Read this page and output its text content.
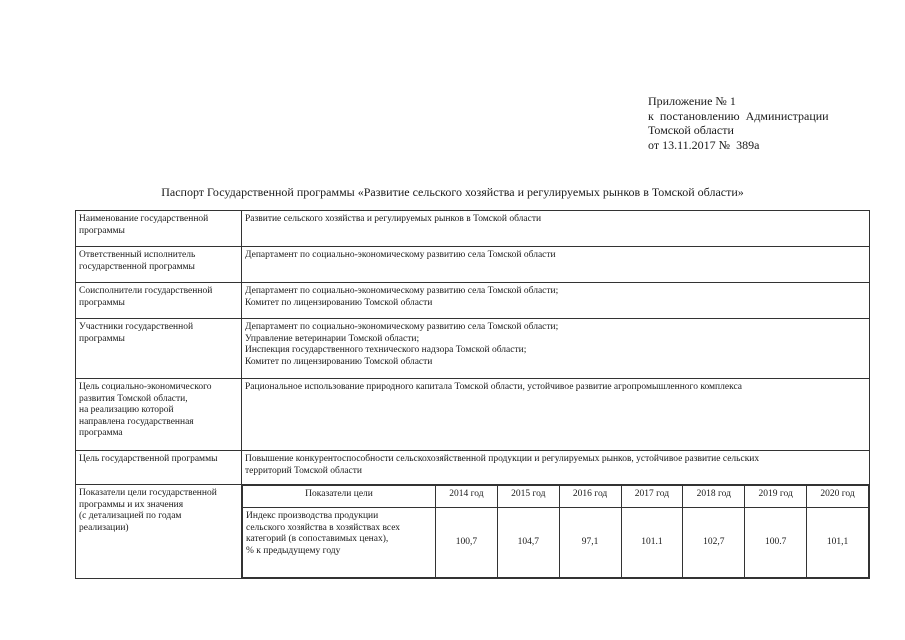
Приложение № 1
к  постановлению  Администрации
Томской области
от 13.11.2017 №  389а
Паспорт Государственной программы «Развитие сельского хозяйства и регулируемых рынков в Томской области»
Наименование государственной
программы	Развитие сельского хозяйства и регулируемых рынков в Томской области
Ответственный исполнитель
государственной программы	Департамент по социально-экономическому развитию села Томской области
Соисполнители государственной
программы	Департамент по социально-экономическому развитию села Томской области;
Комитет по лицензированию Томской области
Участники государственной
программы	Департамент по социально-экономическому развитию села Томской области;
Управление ветеринарии Томской области;
Инспекция государственного технического надзора Томской области;
Комитет по лицензированию Томской области
Цель социально-экономического
развития Томской области,
на реализацию которой
направлена государственная
программа	Рациональное использование природного капитала Томской области, устойчивое развитие агропромышленного комплекса
Цель государственной программы	Повышение конкурентоспособности сельскохозяйственной продукции и регулируемых рынков, устойчивое развитие сельских
территорий Томской области
Показатели цели государственной
программы и их значения
(с детализацией по годам
реализации)	
Показатели цели	2014 год	2015 год	2016 год	2017 год	2018 год	2019 год	2020 год
Индекс производства продукции
сельского хозяйства в хозяйствах всех
категорий (в сопоставимых ценах),
% к предыдущему году	100,7	104,7	97,1	101.1	102,7	100.7	101,1
